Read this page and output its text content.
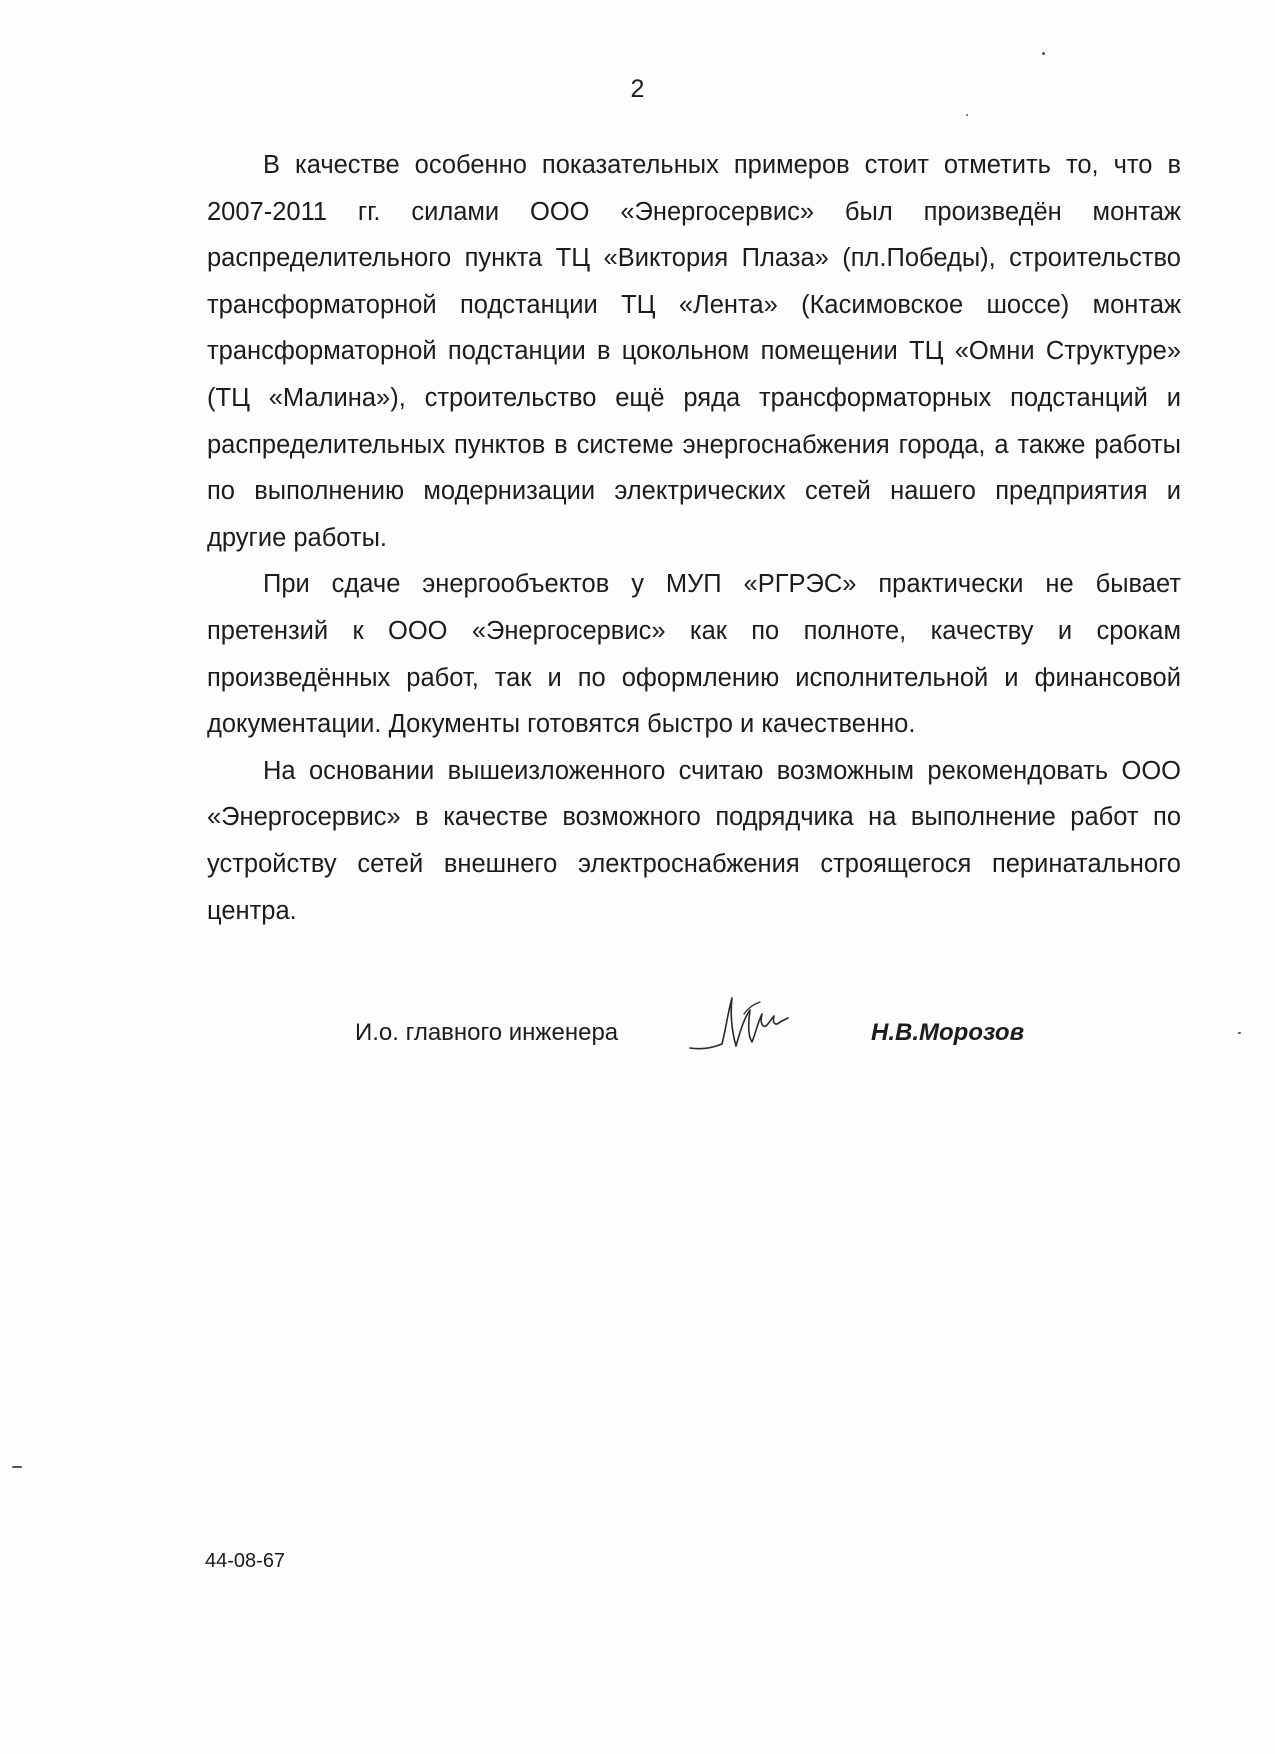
2

В качестве особенно показательных примеров стоит отметить то, что в 2007-2011 гг. силами ООО «Энергосервис» был произведён монтаж распределительного пункта ТЦ «Виктория Плаза» (пл.Победы), строительство трансформаторной подстанции ТЦ «Лента» (Касимовское шоссе) монтаж трансформаторной подстанции в цокольном помещении ТЦ «Омни Структуре» (ТЦ «Малина»), строительство ещё ряда трансформаторных подстанций и распределительных пунктов в системе энергоснабжения города, а также работы по выполнению модернизации электрических сетей нашего предприятия и другие работы.

При сдаче энергообъектов у МУП «РГРЭС» практически не бывает претензий к ООО «Энергосервис» как по полноте, качеству и срокам произведённых работ, так и по оформлению исполнительной и финансовой документации. Документы готовятся быстро и качественно.

На основании вышеизложенного считаю возможным рекомендовать ООО «Энергосервис» в качестве возможного подрядчика на выполнение работ по устройству сетей внешнего электроснабжения строящегося перинатального центра.

И.о. главного инженера	Н.В.Морозов
44-08-67
